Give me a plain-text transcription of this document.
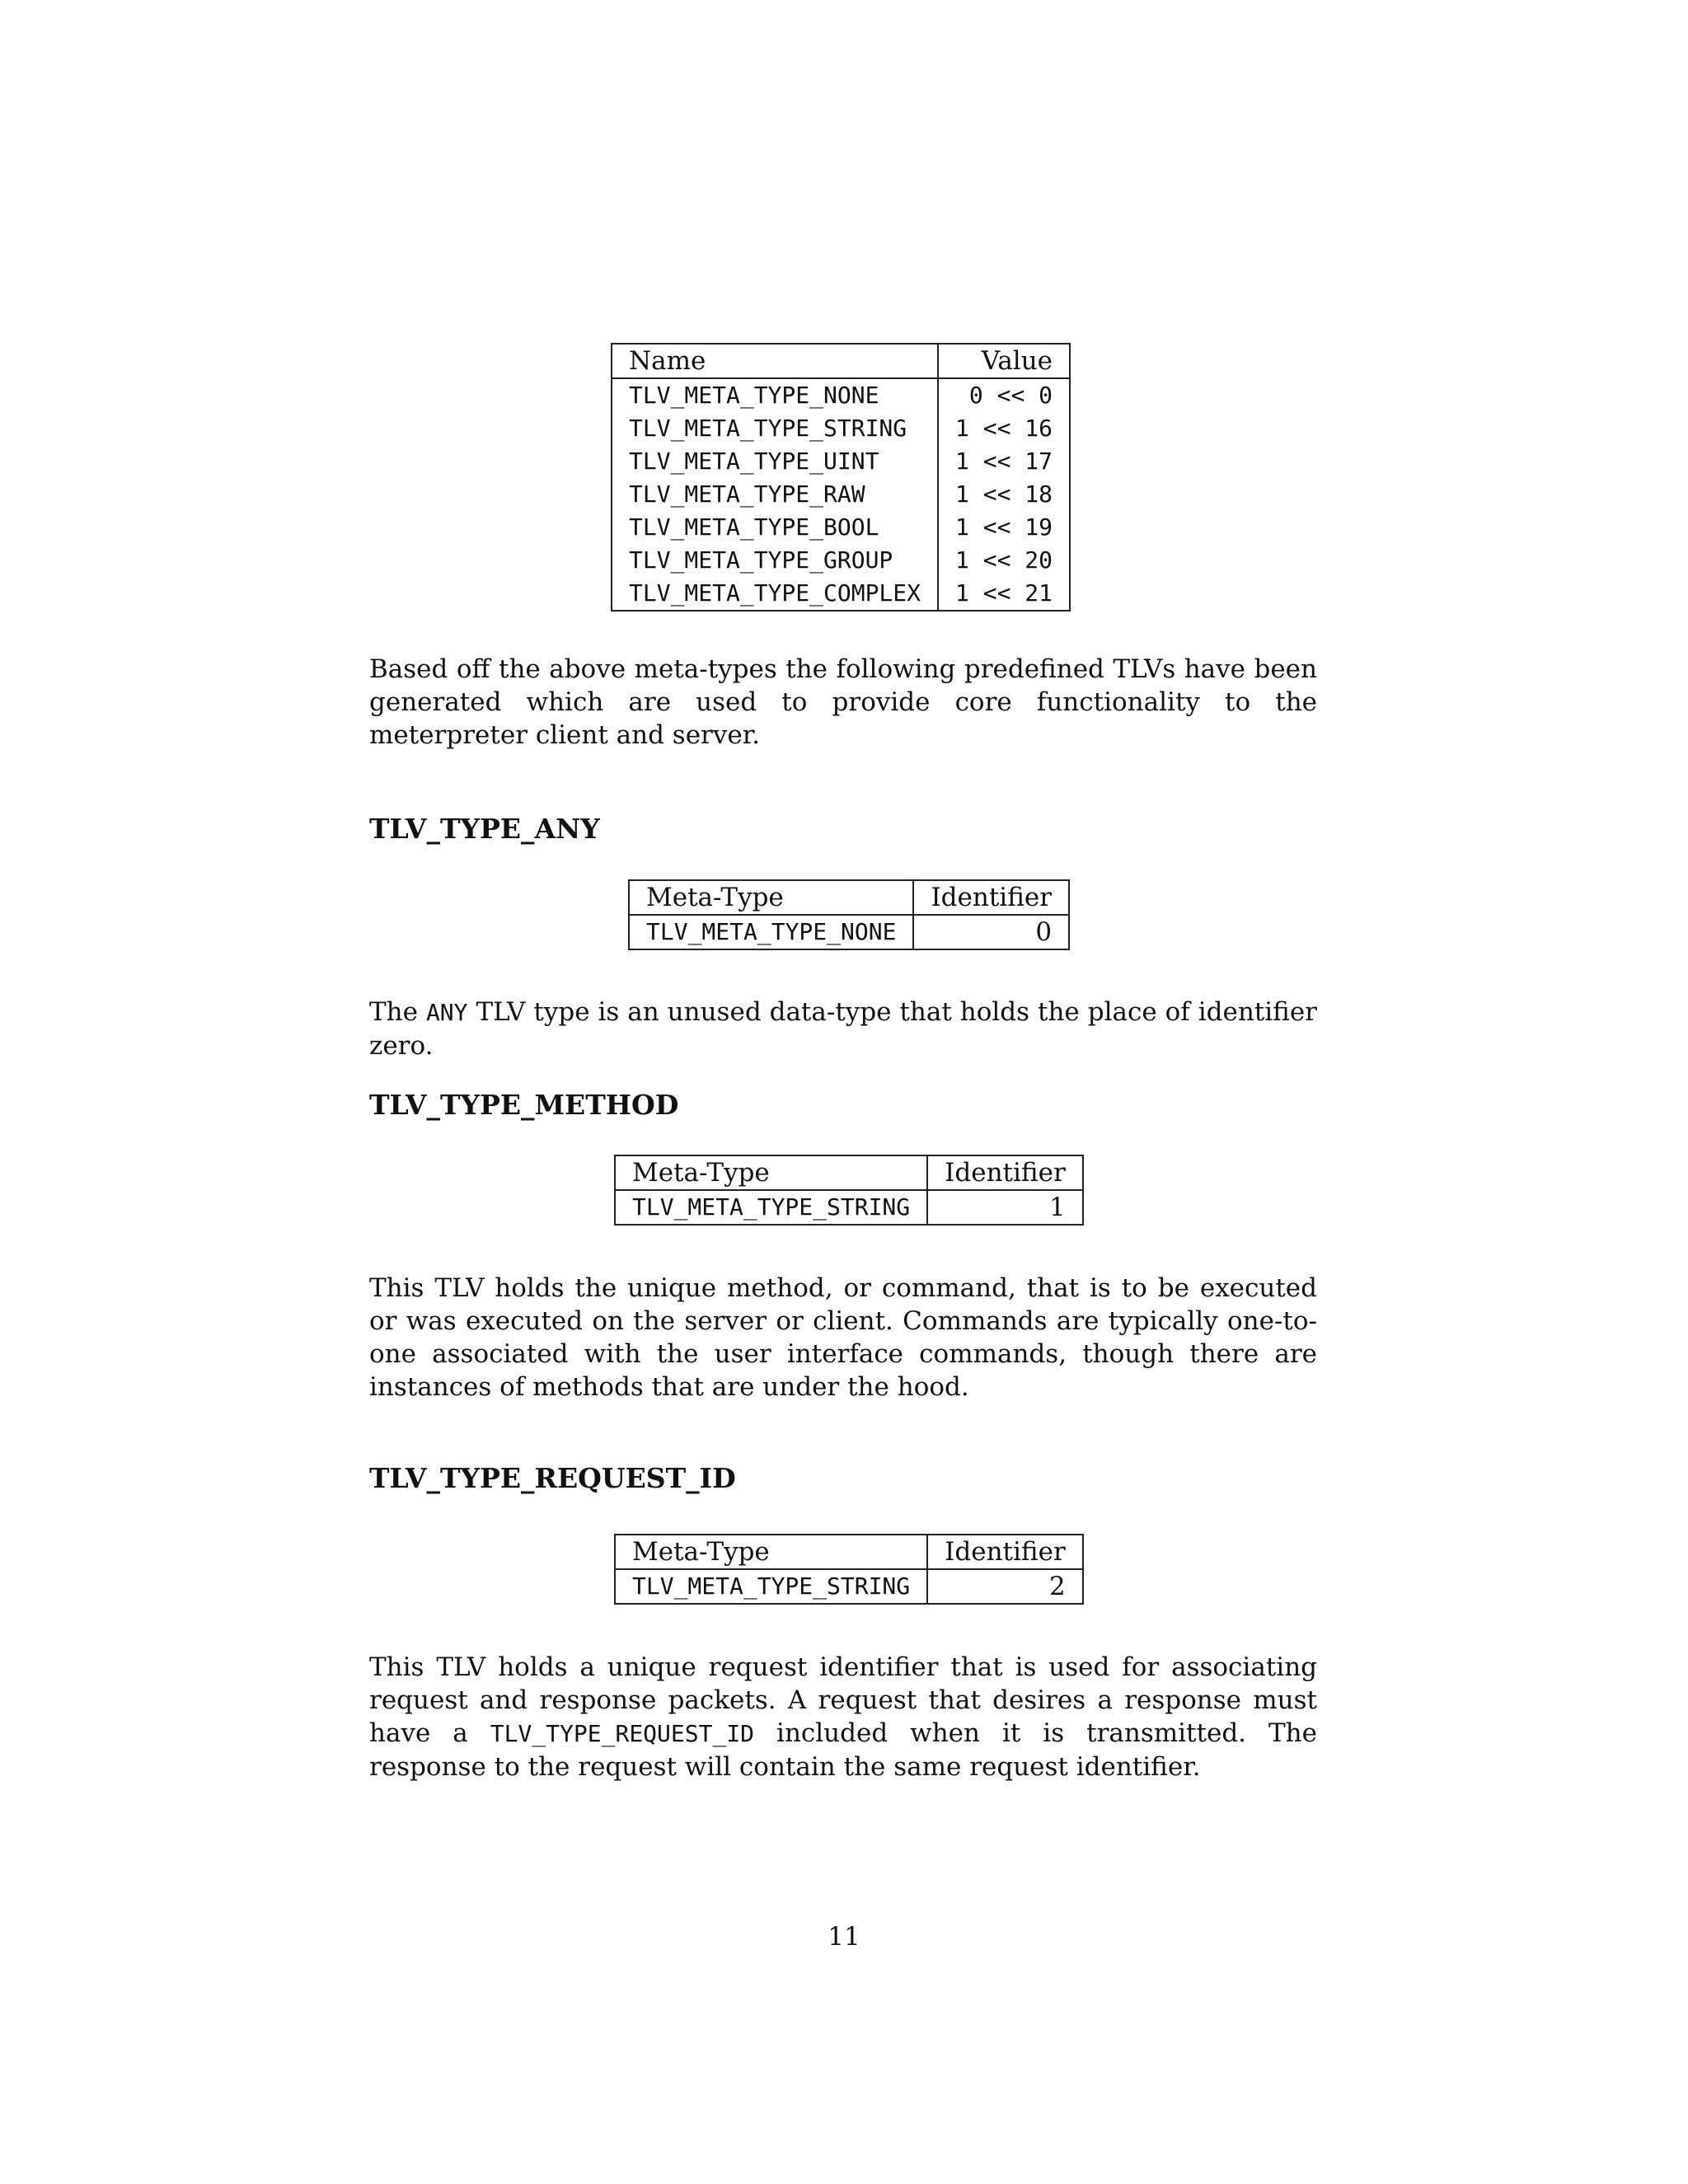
Name	Value
TLV_META_TYPE_NONE	0 << 0
TLV_META_TYPE_STRING	1 << 16
TLV_META_TYPE_UINT	1 << 17
TLV_META_TYPE_RAW	1 << 18
TLV_META_TYPE_BOOL	1 << 19
TLV_META_TYPE_GROUP	1 << 20
TLV_META_TYPE_COMPLEX	1 << 21

Based off the above meta-types the following predefined TLVs have been generated which are used to provide core functionality to the meterpreter client and server.

TLV_TYPE_ANY
Meta-Type	Identifier
TLV_META_TYPE_NONE	0

The ANY TLV type is an unused data-type that holds the place of identifier zero.

TLV_TYPE_METHOD
Meta-Type	Identifier
TLV_META_TYPE_STRING	1

This TLV holds the unique method, or command, that is to be executed or was executed on the server or client. Commands are typically one-to-one associated with the user interface commands, though there are instances of methods that are under the hood.

TLV_TYPE_REQUEST_ID
Meta-Type	Identifier
TLV_META_TYPE_STRING	2

This TLV holds a unique request identifier that is used for associating request and response packets. A request that desires a response must have a TLV_TYPE_REQUEST_ID included when it is transmitted. The response to the request will contain the same request identifier.

11
